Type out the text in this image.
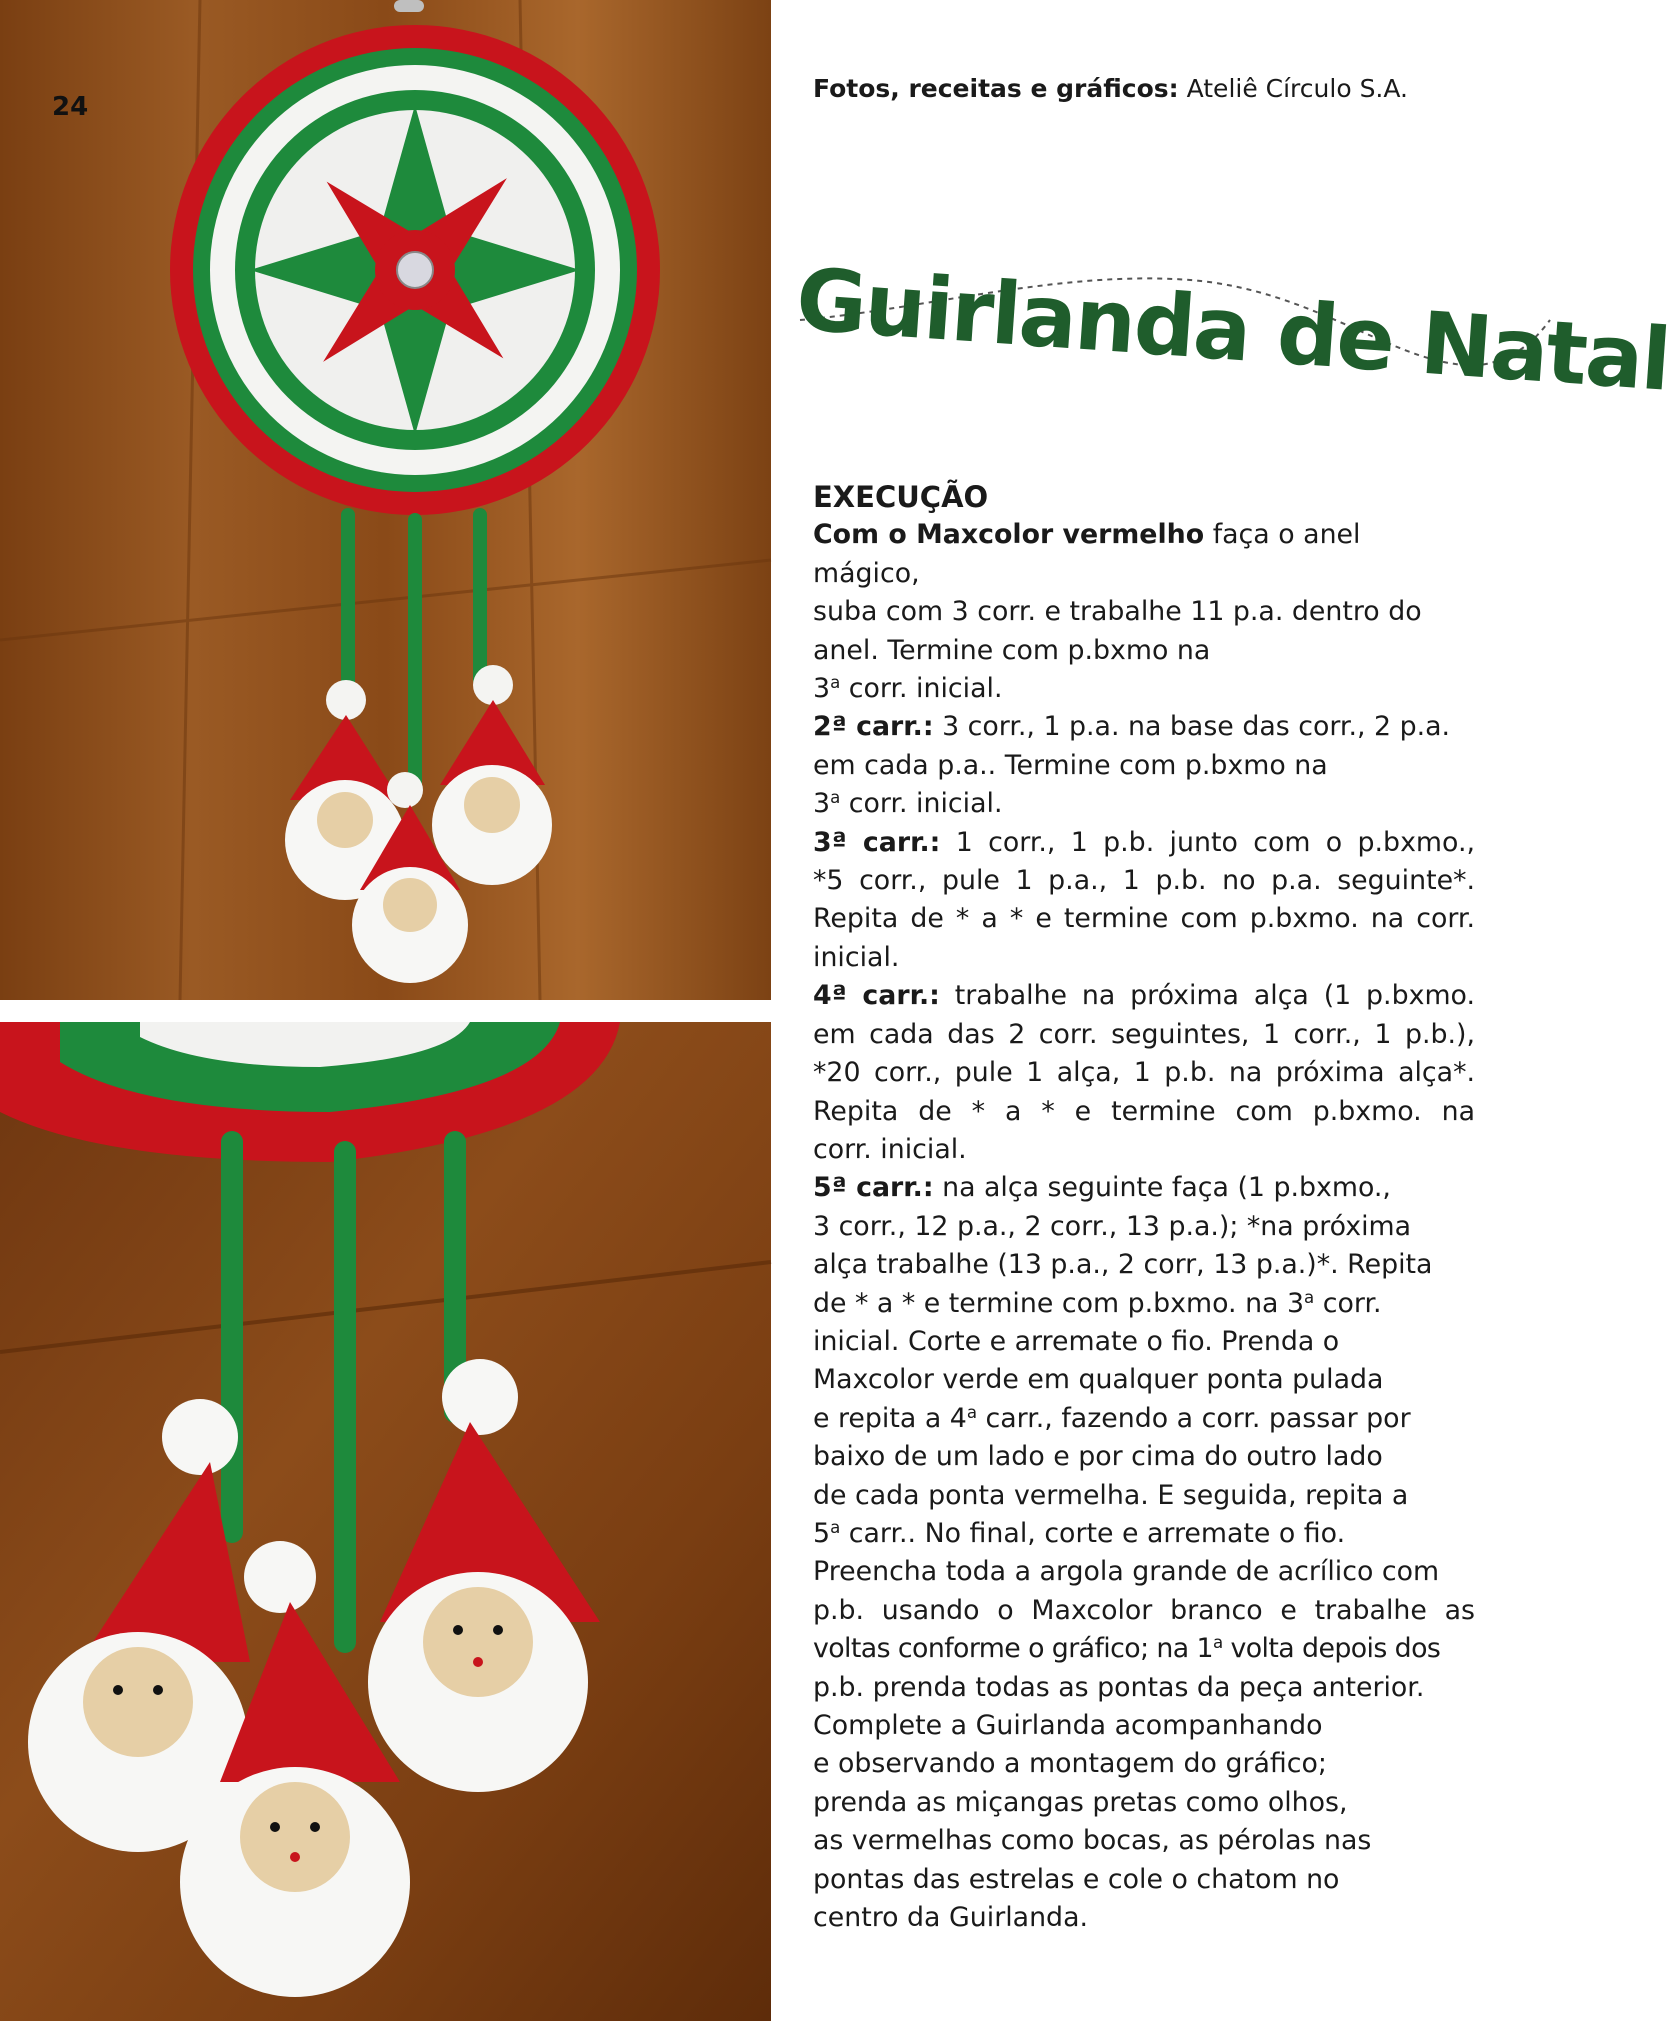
24
Fotos, receitas e gráficos: Ateliê Círculo S.A.
Guirlanda de Natal

EXECUÇÃO

Com o Maxcolor vermelho faça o anel mágico,

suba com 3 corr. e trabalhe 11 p.a. dentro do

anel. Termine com p.bxmo na

3$^a$ corr. inicial.

2ª carr.: 3 corr., 1 p.a. na base das corr., 2 p.a.

em cada p.a.. Termine com p.bxmo na

3$^a$ corr. inicial.

3ª carr.: 1 corr., 1 p.b. junto com o p.bxmo.,

*5 corr., pule 1 p.a., 1 p.b. no p.a. seguinte*.

Repita de * a * e termine com p.bxmo. na corr.

inicial.

4ª carr.: trabalhe na próxima alça (1 p.bxmo.

em cada das 2 corr. seguintes, 1 corr., 1 p.b.),

*20 corr., pule 1 alça, 1 p.b. na próxima alça*.

Repita de * a * e termine com p.bxmo. na

corr. inicial.

5ª carr.: na alça seguinte faça (1 p.bxmo.,

3 corr., 12 p.a., 2 corr., 13 p.a.); *na próxima

alça trabalhe (13 p.a., 2 corr, 13 p.a.)*. Repita

de * a * e termine com p.bxmo. na 3$^a$ corr.

inicial. Corte e arremate o fio. Prenda o

Maxcolor verde em qualquer ponta pulada

e repita a 4$^a$ carr., fazendo a corr. passar por

baixo de um lado e por cima do outro lado

de cada ponta vermelha. E seguida, repita a

5$^a$ carr.. No final, corte e arremate o fio.

Preencha toda a argola grande de acrílico com

p.b. usando o Maxcolor branco e trabalhe as

voltas conforme o gráfico; na 1$^a$ volta depois dos

p.b. prenda todas as pontas da peça anterior.

Complete a Guirlanda acompanhando

e observando a montagem do gráfico;

prenda as miçangas pretas como olhos,

as vermelhas como bocas, as pérolas nas

pontas das estrelas e cole o chatom no

centro da Guirlanda.
